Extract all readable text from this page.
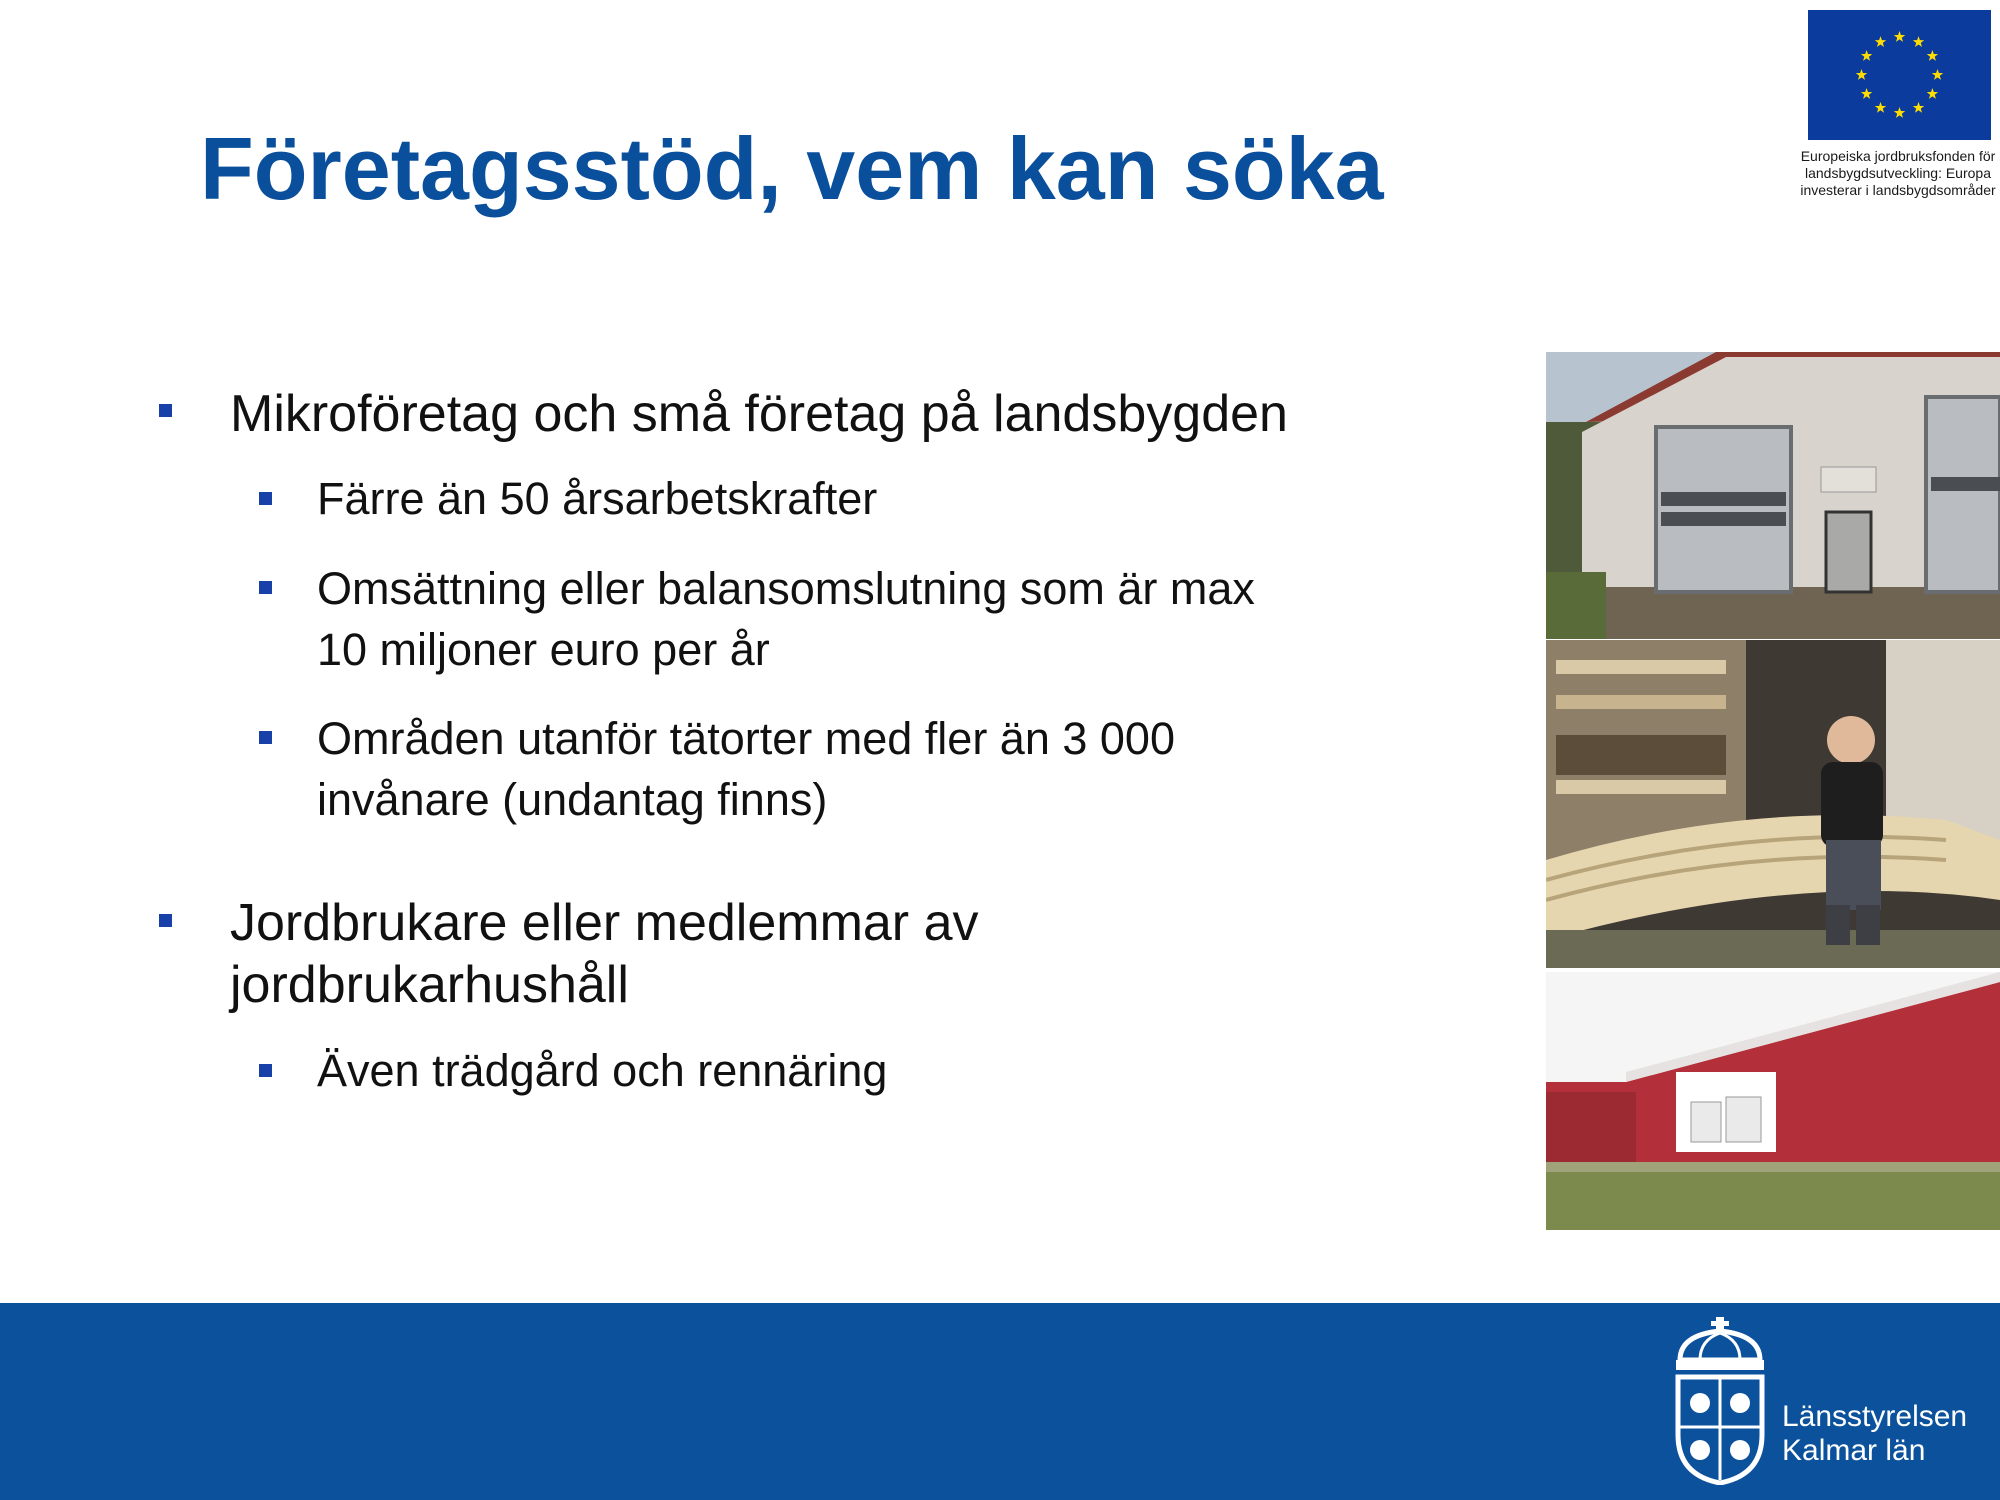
Företagsstöd, vem kan söka	Europeiska jordbruksfonden för
landsbygdsutveckling: Europa
investerar i landsbygdsområder
Mikroföretag och små företag på landsbygden
Färre än 50 årsarbetskrafter
Omsättning eller balansomslutning som är max
10 miljoner euro per år
Områden utanför tätorter med fler än 3 000
invånare (undantag finns)
Jordbrukare eller medlemmar av
jordbrukarhushåll
Även trädgård och rennäring
Länsstyrelsen
Kalmar län
